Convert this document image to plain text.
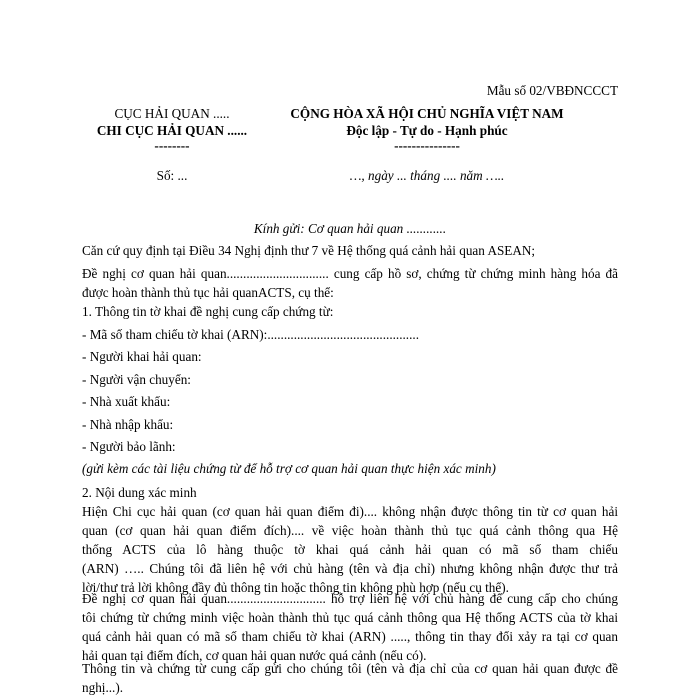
Mẫu số 02/VBĐNCCCT
CỤC HẢI QUAN .....
CHI CỤC HẢI QUAN ......
--------
Số: ...
CỘNG HÒA XÃ HỘI CHỦ NGHĨA VIỆT NAM
Độc lập - Tự do - Hạnh phúc
---------------
…, ngày ... tháng .... năm …..
Kính gửi: Cơ quan hải quan ............
Căn cứ quy định tại Điều 34 Nghị định thư 7 về Hệ thống quá cảnh hải quan ASEAN;
Đề nghị cơ quan hải quan............................... cung cấp hồ sơ, chứng từ chứng minh hàng hóa đã
được hoàn thành thủ tục hải quanACTS, cụ thể:
1. Thông tin tờ khai đề nghị cung cấp chứng từ:
- Mã số tham chiếu tờ khai (ARN):..............................................
- Người khai hải quan:
- Người vận chuyển:
- Nhà xuất khẩu:
- Nhà nhập khẩu:
- Người bảo lãnh:
(gửi kèm các tài liệu chứng từ để hỗ trợ cơ quan hải quan thực hiện xác minh)
2. Nội dung xác minh
Hiện Chi cục hải quan (cơ quan hải quan điểm đi).... không nhận được thông tin từ cơ quan hải
quan (cơ quan hải quan điểm đích).... về việc hoàn thành thủ tục quá cảnh thông qua Hệ
thống ACTS của lô hàng thuộc tờ khai quá cảnh hải quan có mã số tham chiếu
(ARN) ….. Chúng tôi đã liên hệ với chủ hàng (tên và địa chỉ) nhưng không nhận được thư trả
lời/thư trả lời không đầy đủ thông tin hoặc thông tin không phù hợp (nếu cụ thể).
Đề nghị cơ quan hải quan.............................. hỗ trợ liên hệ với chủ hàng để cung cấp cho chúng
tôi chứng từ chứng minh việc hoàn thành thủ tục quá cảnh thông qua Hệ thống ACTS của tờ khai
quá cảnh hải quan có mã số tham chiếu tờ khai (ARN) ....., thông tin thay đổi xảy ra tại cơ quan
hải quan tại điểm đích, cơ quan hải quan nước quá cảnh (nếu có).
Thông tin và chứng từ cung cấp gửi cho chúng tôi (tên và địa chỉ của cơ quan hải quan được đề
nghị...).
